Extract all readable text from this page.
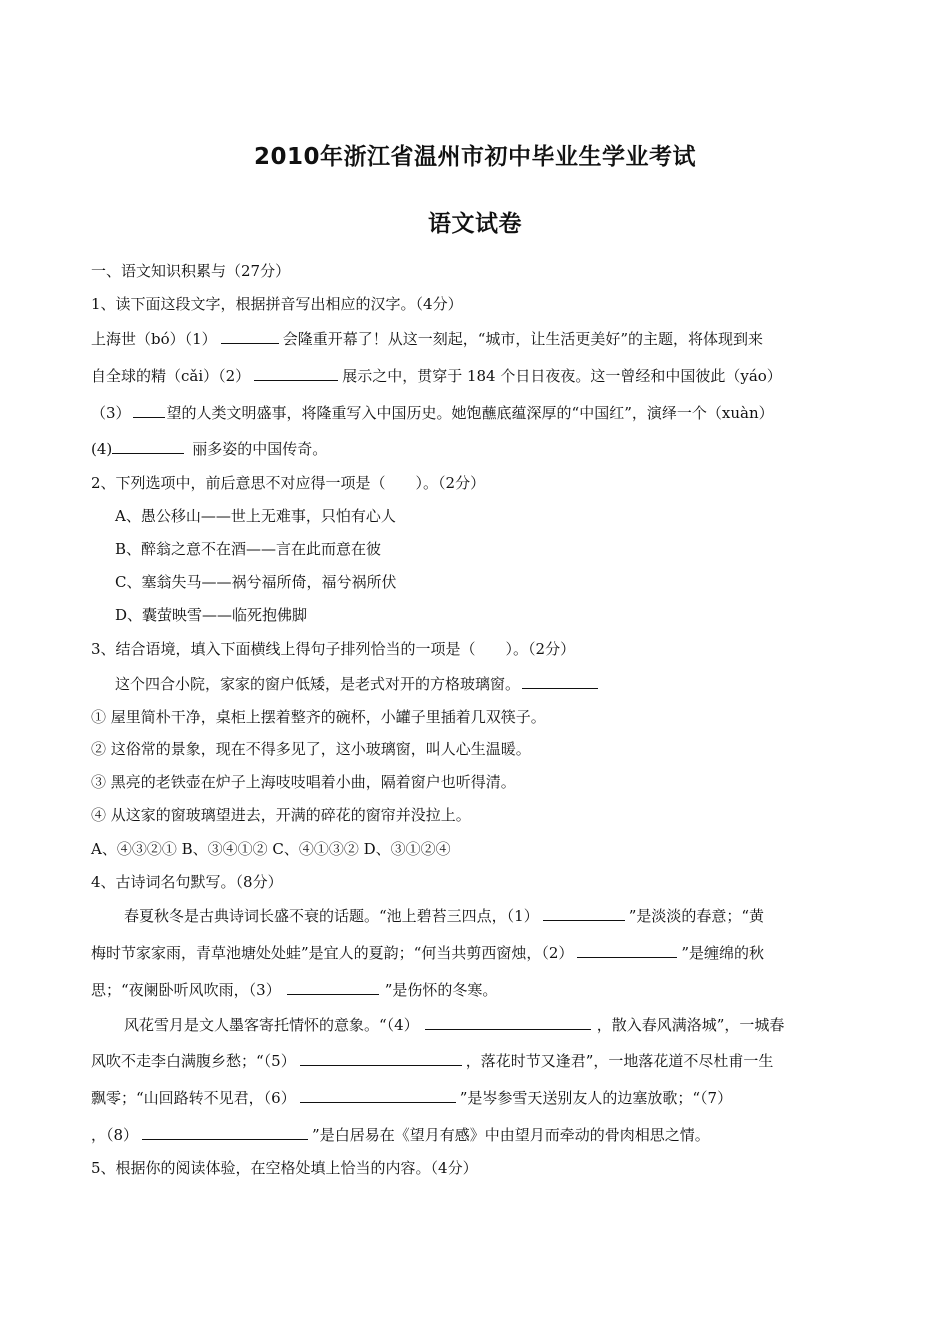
2010年浙江省温州市初中毕业生学业考试
语文试卷
一、语文知识积累与（27分）
1、读下面这段文字，根据拼音写出相应的汉字。（4分）
上海世（bó）（1）	会隆重开幕了！从这一刻起，“城市，让生活更美好”的主题，将体现到来
自全球的精（cǎi）（2）	展示之中，贯穿于 184 个日日夜夜。这一曾经和中国彼此（yáo）
（3） 望的人类文明盛事，将隆重写入中国历史。她饱蘸底蕴深厚的“中国红”，演绎一个（xuàn）
(4)	丽多姿的中国传奇。
2、下列选项中，前后意思不对应得一项是（　　）。（2分）
A、愚公移山——世上无难事，只怕有心人
B、醉翁之意不在酒——言在此而意在彼
C、塞翁失马——祸兮福所倚，福兮祸所伏
D、囊萤映雪——临死抱佛脚
3、结合语境，填入下面横线上得句子排列恰当的一项是（　　）。（2分）
这个四合小院，家家的窗户低矮，是老式对开的方格玻璃窗。
① 屋里简朴干净，桌柜上摆着整齐的碗杯，小罐子里插着几双筷子。
② 这俗常的景象，现在不得多见了，这小玻璃窗，叫人心生温暖。
③ 黑亮的老铁壶在炉子上海吱吱唱着小曲，隔着窗户也听得清。
④ 从这家的窗玻璃望进去，开满的碎花的窗帘并没拉上。
A、④③②① B、③④①② C、④①③② D、③①②④
4、古诗词名句默写。（8分）
春夏秋冬是古典诗词长盛不衰的话题。“池上碧苔三四点，（1）	”是淡淡的春意；“黄
梅时节家家雨，青草池塘处处蛙”是宜人的夏韵；“何当共剪西窗烛，（2）	”是缠绵的秋
思；“夜阑卧听风吹雨，（3）	”是伤怀的冬寒。
风花雪月是文人墨客寄托情怀的意象。“（4）	，散入春风满洛城”，一城春
风吹不走李白满腹乡愁；“（5）	，落花时节又逢君”，一地落花道不尽杜甫一生
飘零；“山回路转不见君，（6）	”是岑参雪天送别友人的边塞放歌；“（7）
，（8）	”是白居易在《望月有感》中由望月而牵动的骨肉相思之情。
5、根据你的阅读体验，在空格处填上恰当的内容。（4分）
